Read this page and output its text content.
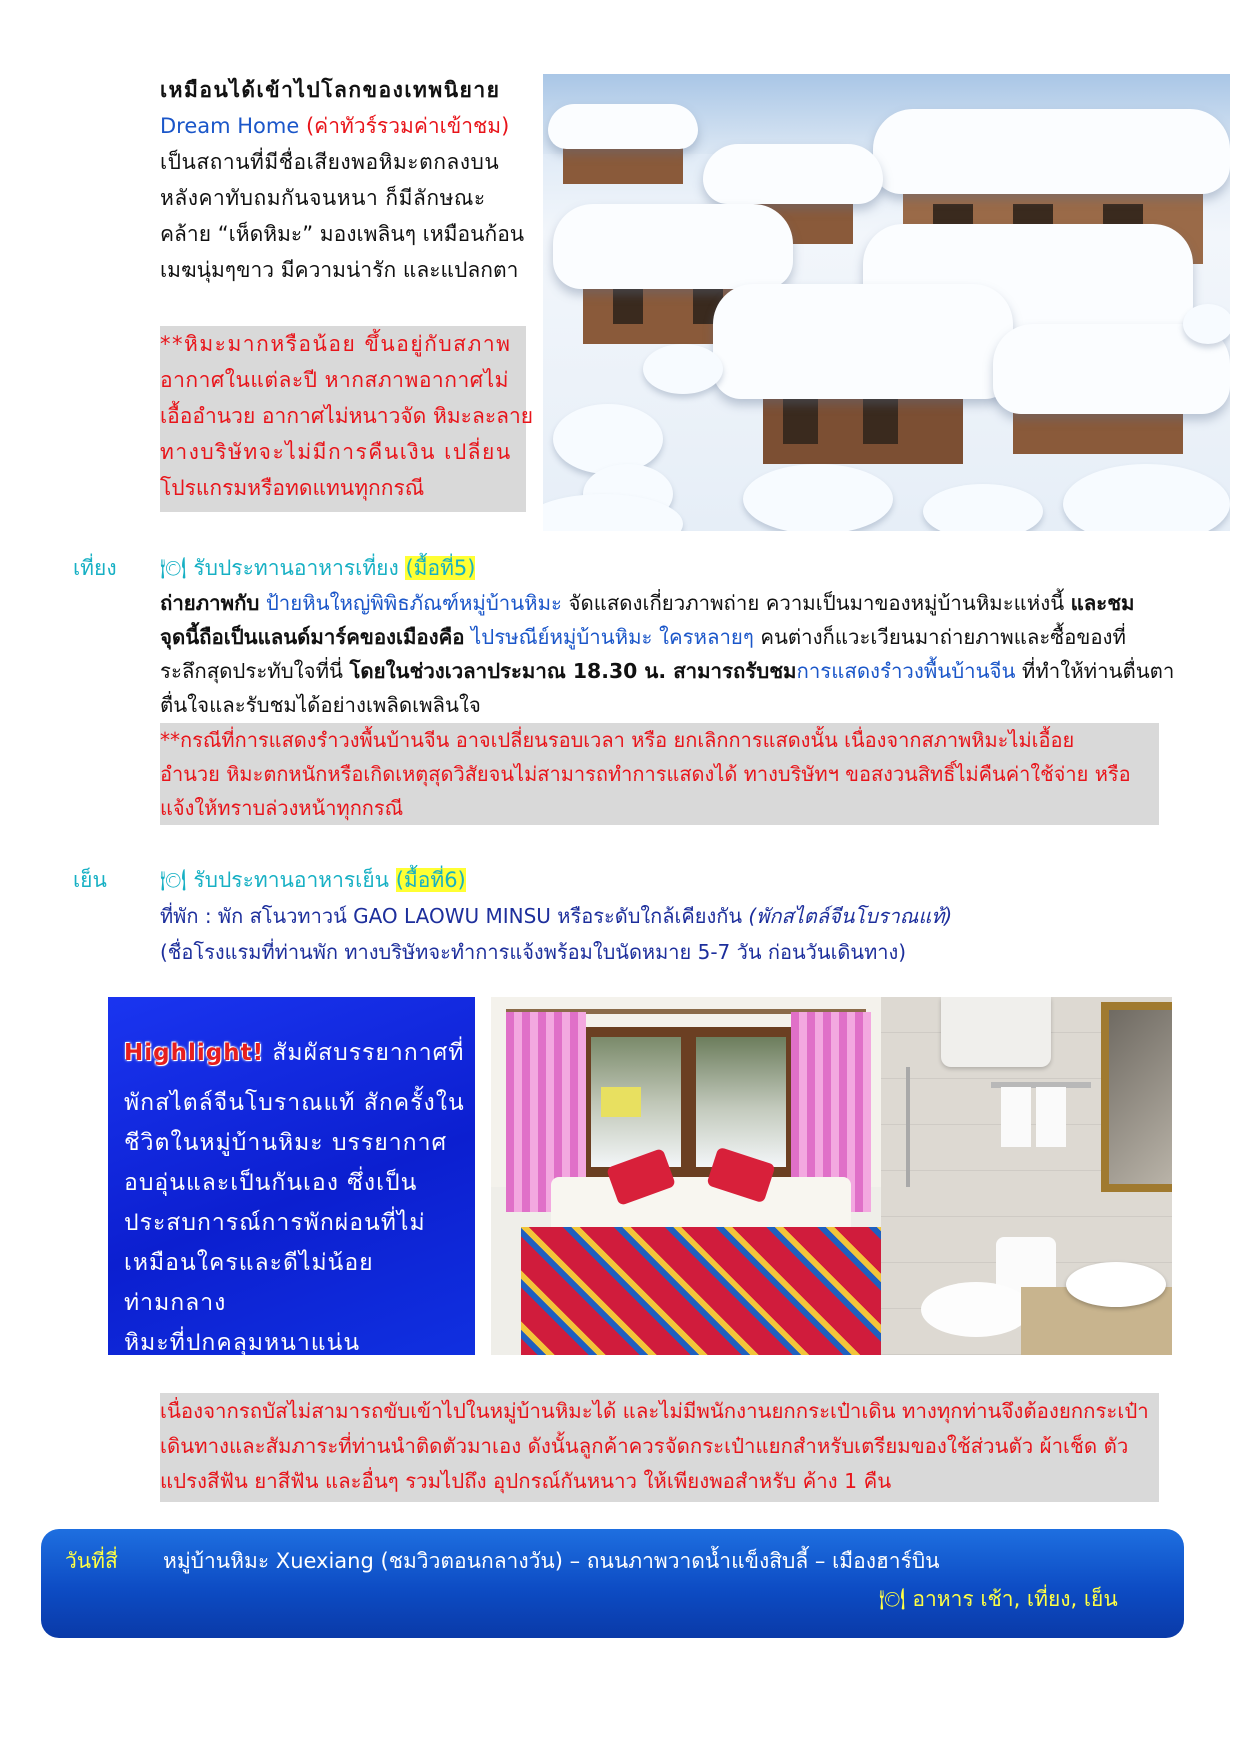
เหมือนได้เข้าไปโลกของเทพนิยาย
Dream Home (ค่าทัวร์รวมค่าเข้าชม)
เป็นสถานที่มีชื่อเสียงพอหิมะตกลงบน
หลังคาทับถมกันจนหนา ก็มีลักษณะ
คล้าย “เห็ดหิมะ” มองเพลินๆ เหมือนก้อน
เมฆนุ่มๆขาว มีความน่ารัก และแปลกตา
**หิมะมากหรือน้อย ขึ้นอยู่กับสภาพ
อากาศในแต่ละปี หากสภาพอากาศไม่
เอื้ออำนวย อากาศไม่หนาวจัด หิมะละลาย
ทางบริษัทจะไม่มีการคืนเงิน เปลี่ยน
โปรแกรมหรือทดแทนทุกกรณี
เที่ยง 🍽 รับประทานอาหารเที่ยง (มื้อที่5)
ถ่ายภาพกับ ป้ายหินใหญ่พิพิธภัณฑ์หมู่บ้านหิมะ จัดแสดงเกี่ยวภาพถ่าย ความเป็นมาของหมู่บ้านหิมะแห่งนี้ และชม
จุดนี้ถือเป็นแลนด์มาร์คของเมืองคือ ไปรษณีย์หมู่บ้านหิมะ ใครหลายๆ คนต่างก็แวะเวียนมาถ่ายภาพและซื้อของที่
ระลึกสุดประทับใจที่นี่ โดยในช่วงเวลาประมาณ 18.30 น. สามารถรับชมการแสดงรำวงพื้นบ้านจีน ที่ทำให้ท่านตื่นตา
ตื่นใจและรับชมได้อย่างเพลิดเพลินใจ
**กรณีที่การแสดงรำวงพื้นบ้านจีน อาจเปลี่ยนรอบเวลา หรือ ยกเลิกการแสดงนั้น เนื่องจากสภาพหิมะไม่เอื้อย
อำนวย หิมะตกหนักหรือเกิดเหตุสุดวิสัยจนไม่สามารถทำการแสดงได้ ทางบริษัทฯ ขอสงวนสิทธิ์ไม่คืนค่าใช้จ่าย หรือ
แจ้งให้ทราบล่วงหน้าทุกกรณี
เย็น	🍽 รับประทานอาหารเย็น (มื้อที่6)
ที่พัก : พัก สโนวทาวน์ GAO LAOWU MINSU หรือระดับใกล้เคียงกัน (พักสไตล์จีนโบราณแท้)
(ชื่อโรงแรมที่ท่านพัก ทางบริษัทจะทำการแจ้งพร้อมใบนัดหมาย 5-7 วัน ก่อนวันเดินทาง)
Highlight! สัมผัสบรรยากาศที่
พักสไตล์จีนโบราณแท้ สักครั้งใน
ชีวิตในหมู่บ้านหิมะ บรรยากาศ
อบอุ่นและเป็นกันเอง ซึ่งเป็น
ประสบการณ์การพักผ่อนที่ไม่
เหมือนใครและดีไม่น้อยท่ามกลาง
หิมะที่ปกคลุมหนาแน่น
เนื่องจากรถบัสไม่สามารถขับเข้าไปในหมู่บ้านหิมะได้ และไม่มีพนักงานยกกระเป๋าเดิน ทางทุกท่านจึงต้องยกกระเป๋า
เดินทางและสัมภาระที่ท่านนำติดตัวมาเอง ดังนั้นลูกค้าควรจัดกระเป๋าแยกสำหรับเตรียมของใช้ส่วนตัว ผ้าเช็ด ตัว
แปรงสีฟัน ยาสีฟัน และอื่นๆ รวมไปถึง อุปกรณ์กันหนาว ให้เพียงพอสำหรับ ค้าง 1 คืน
วันที่สี่ หมู่บ้านหิมะ Xuexiang (ชมวิวตอนกลางวัน) – ถนนภาพวาดน้ำแข็งสิบลี้ – เมืองฮาร์บิน
🍽 อาหาร เช้า, เที่ยง, เย็น
